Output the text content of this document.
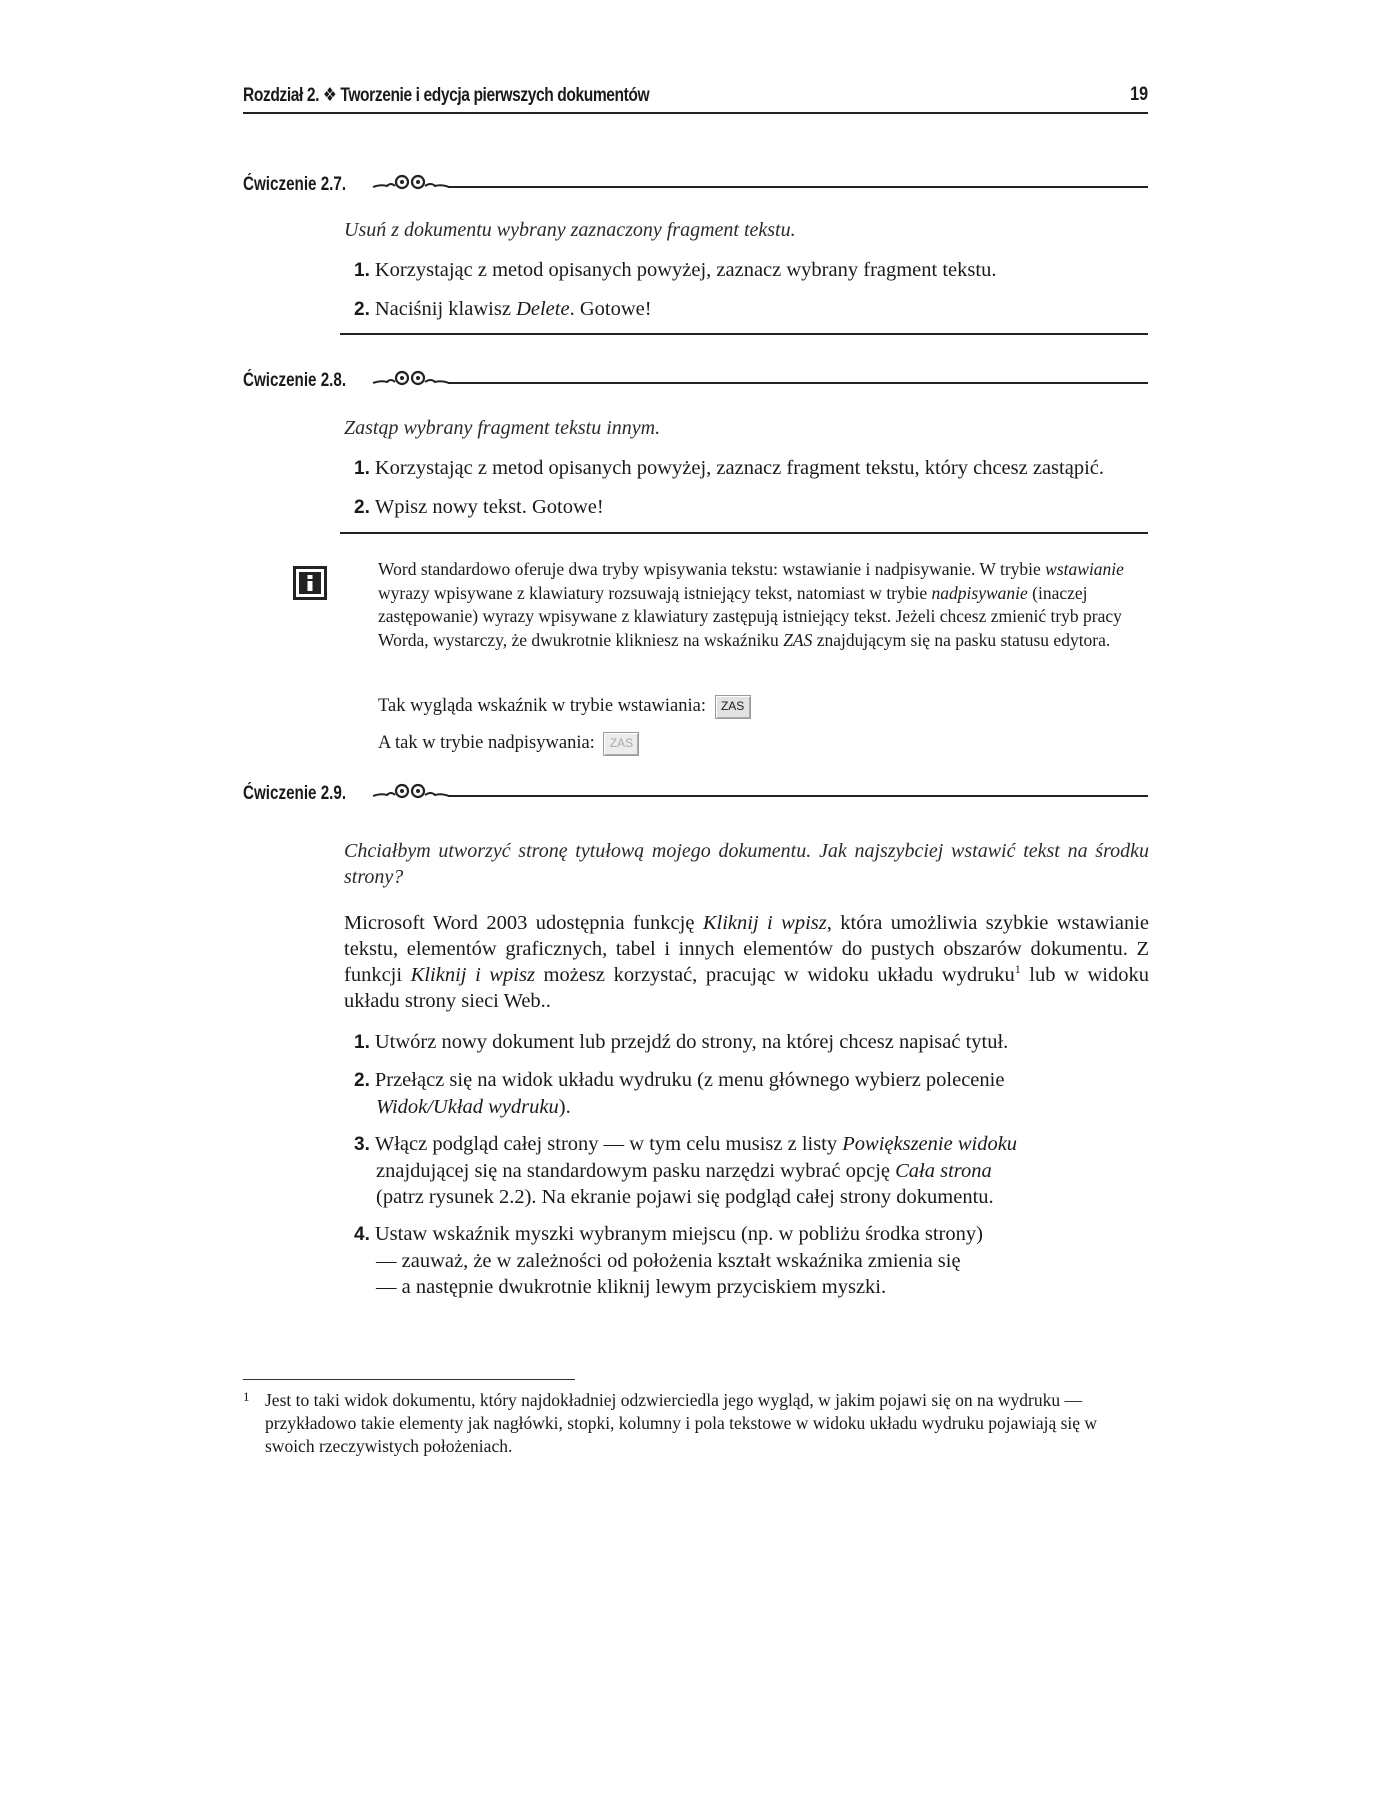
Rozdział 2. ❖ Tworzenie i edycja pierwszych dokumentów	19
Ćwiczenie 2.7.
Usuń z dokumentu wybrany zaznaczony fragment tekstu.
1. Korzystając z metod opisanych powyżej, zaznacz wybrany fragment tekstu.
2. Naciśnij klawisz Delete. Gotowe!
Ćwiczenie 2.8.
Zastąp wybrany fragment tekstu innym.
1. Korzystając z metod opisanych powyżej, zaznacz fragment tekstu, który chcesz zastąpić.
2. Wpisz nowy tekst. Gotowe!
Word standardowo oferuje dwa tryby wpisywania tekstu: wstawianie i nadpisywanie. W trybie wstawianie wyrazy wpisywane z klawiatury rozsuwają istniejący tekst, natomiast w trybie nadpisywanie (inaczej zastępowanie) wyrazy wpisywane z klawiatury zastępują istniejący tekst. Jeżeli chcesz zmienić tryb pracy Worda, wystarczy, że dwukrotnie klikniesz na wskaźniku ZAS znajdującym się na pasku statusu edytora.
Tak wygląda wskaźnik w trybie wstawiania: ZAS
A tak w trybie nadpisywania: ZAS
Ćwiczenie 2.9.
Chciałbym utworzyć stronę tytułową mojego dokumentu. Jak najszybciej wstawić tekst na środku strony?
Microsoft Word 2003 udostępnia funkcję Kliknij i wpisz, która umożliwia szybkie wstawianie tekstu, elementów graficznych, tabel i innych elementów do pustych obszarów dokumentu. Z funkcji Kliknij i wpisz możesz korzystać, pracując w widoku układu wydruku$^1$ lub w widoku układu strony sieci Web..
1. Utwórz nowy dokument lub przejdź do strony, na której chcesz napisać tytuł.
2. Przełącz się na widok układu wydruku (z menu głównego wybierz polecenie
Widok/Układ wydruku).
3. Włącz podgląd całej strony — w tym celu musisz z listy Powiększenie widoku
znajdującej się na standardowym pasku narzędzi wybrać opcję Cała strona
(patrz rysunek 2.2). Na ekranie pojawi się podgląd całej strony dokumentu.
4. Ustaw wskaźnik myszki wybranym miejscu (np. w pobliżu środka strony)
— zauważ, że w zależności od położenia kształt wskaźnika zmienia się
— a następnie dwukrotnie kliknij lewym przyciskiem myszki.
1 Jest to taki widok dokumentu, który najdokładniej odzwierciedla jego wygląd, w jakim pojawi się on na wydruku — przykładowo takie elementy jak nagłówki, stopki, kolumny i pola tekstowe w widoku układu wydruku pojawiają się w swoich rzeczywistych położeniach.
